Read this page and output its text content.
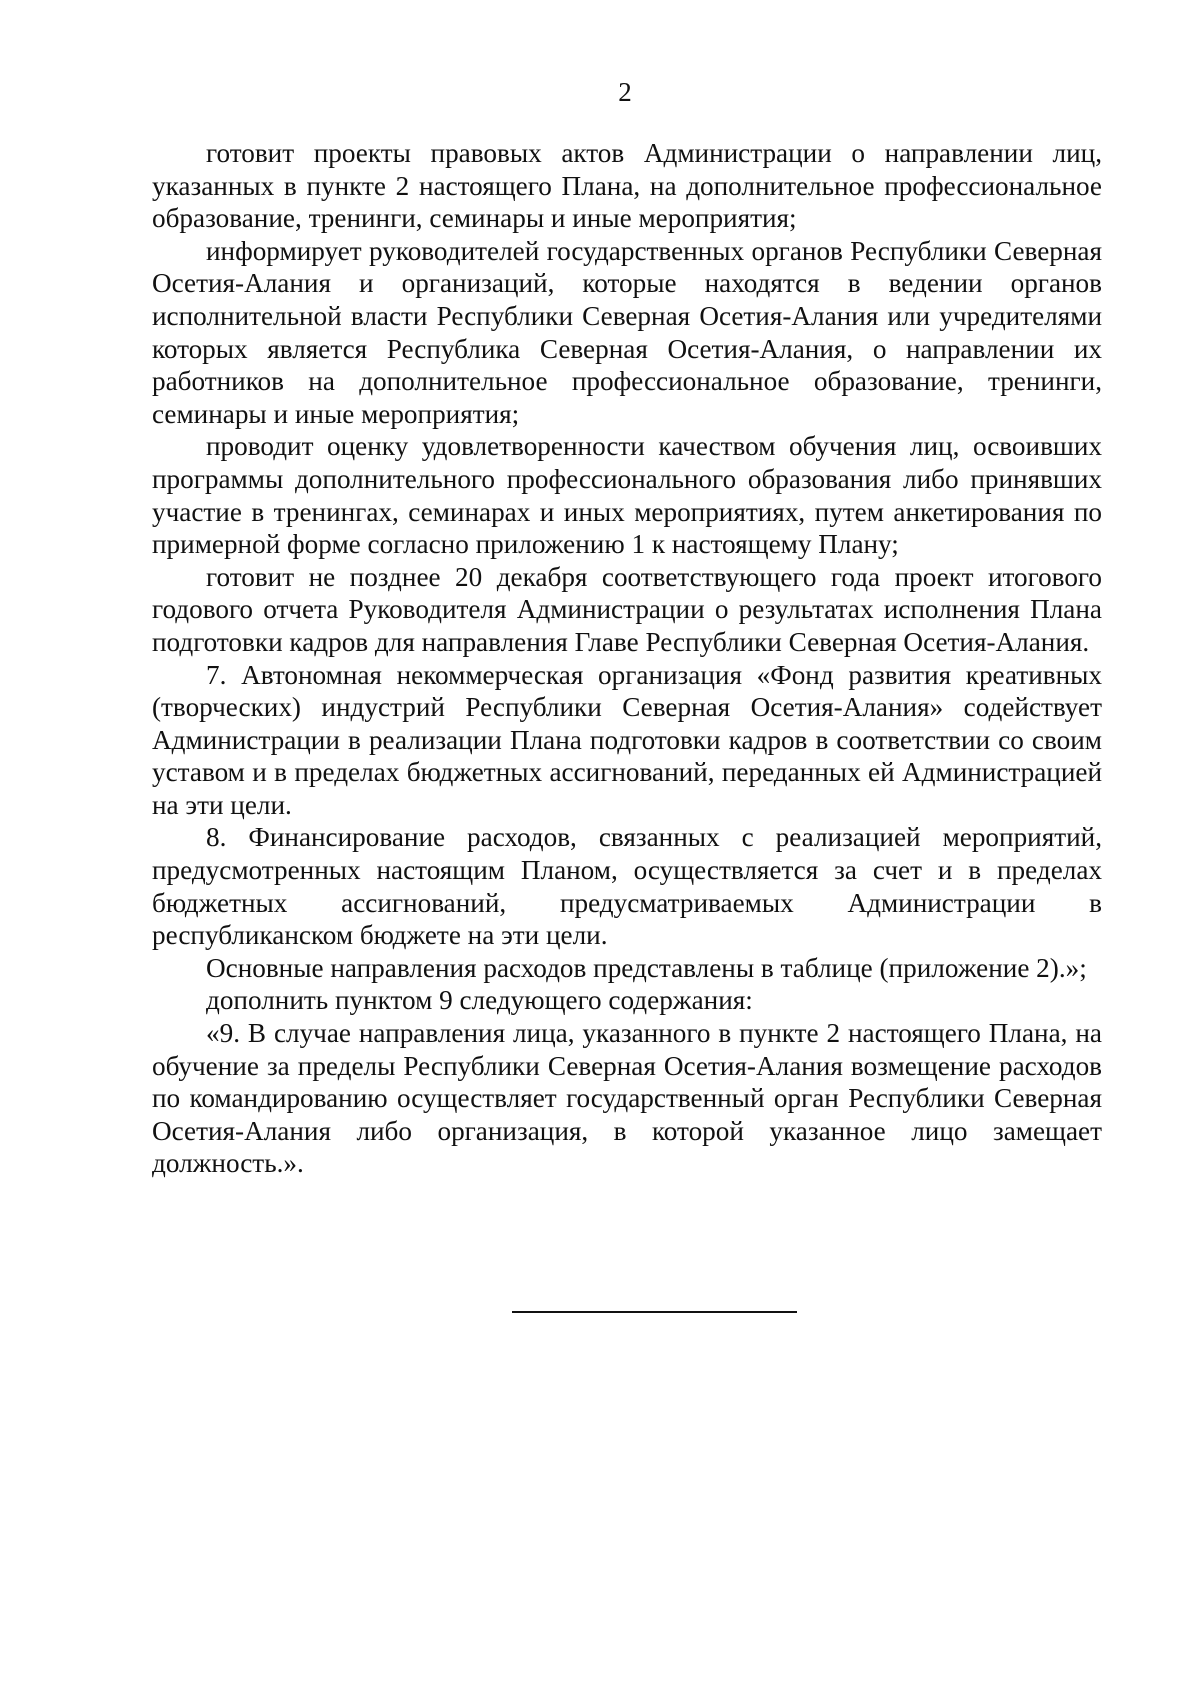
2

готовит проекты правовых актов Администрации о направлении лиц, указанных в пункте 2 настоящего Плана, на дополнительное профессиональное образование, тренинги, семинары и иные мероприятия;

информирует руководителей государственных органов Республики Северная Осетия-Алания и организаций, которые находятся в ведении органов исполнительной власти Республики Северная Осетия-Алания или учредителями которых является Республика Северная Осетия-Алания, о направлении их работников на дополнительное профессиональное образование, тренинги, семинары и иные мероприятия;

проводит оценку удовлетворенности качеством обучения лиц, освоивших программы дополнительного профессионального образования либо принявших участие в тренингах, семинарах и иных мероприятиях, путем анкетирования по примерной форме согласно приложению 1 к настоящему Плану;

готовит не позднее 20 декабря соответствующего года проект итогового годового отчета Руководителя Администрации о результатах исполнения Плана подготовки кадров для направления Главе Республики Северная Осетия-Алания.

7. Автономная некоммерческая организация «Фонд развития креативных (творческих) индустрий Республики Северная Осетия-Алания» содействует Администрации в реализации Плана подготовки кадров в соответствии со своим уставом и в пределах бюджетных ассигнований, переданных ей Администрацией на эти цели.

8. Финансирование расходов, связанных с реализацией мероприятий, предусмотренных настоящим Планом, осуществляется за счет и в пределах бюджетных ассигнований, предусматриваемых Администрации в республиканском бюджете на эти цели.

Основные направления расходов представлены в таблице (приложение 2).»;

дополнить пунктом 9 следующего содержания:

«9. В случае направления лица, указанного в пункте 2 настоящего Плана, на обучение за пределы Республики Северная Осетия-Алания возмещение расходов по командированию осуществляет государственный орган Республики Северная Осетия-Алания либо организация, в которой указанное лицо замещает должность.».
